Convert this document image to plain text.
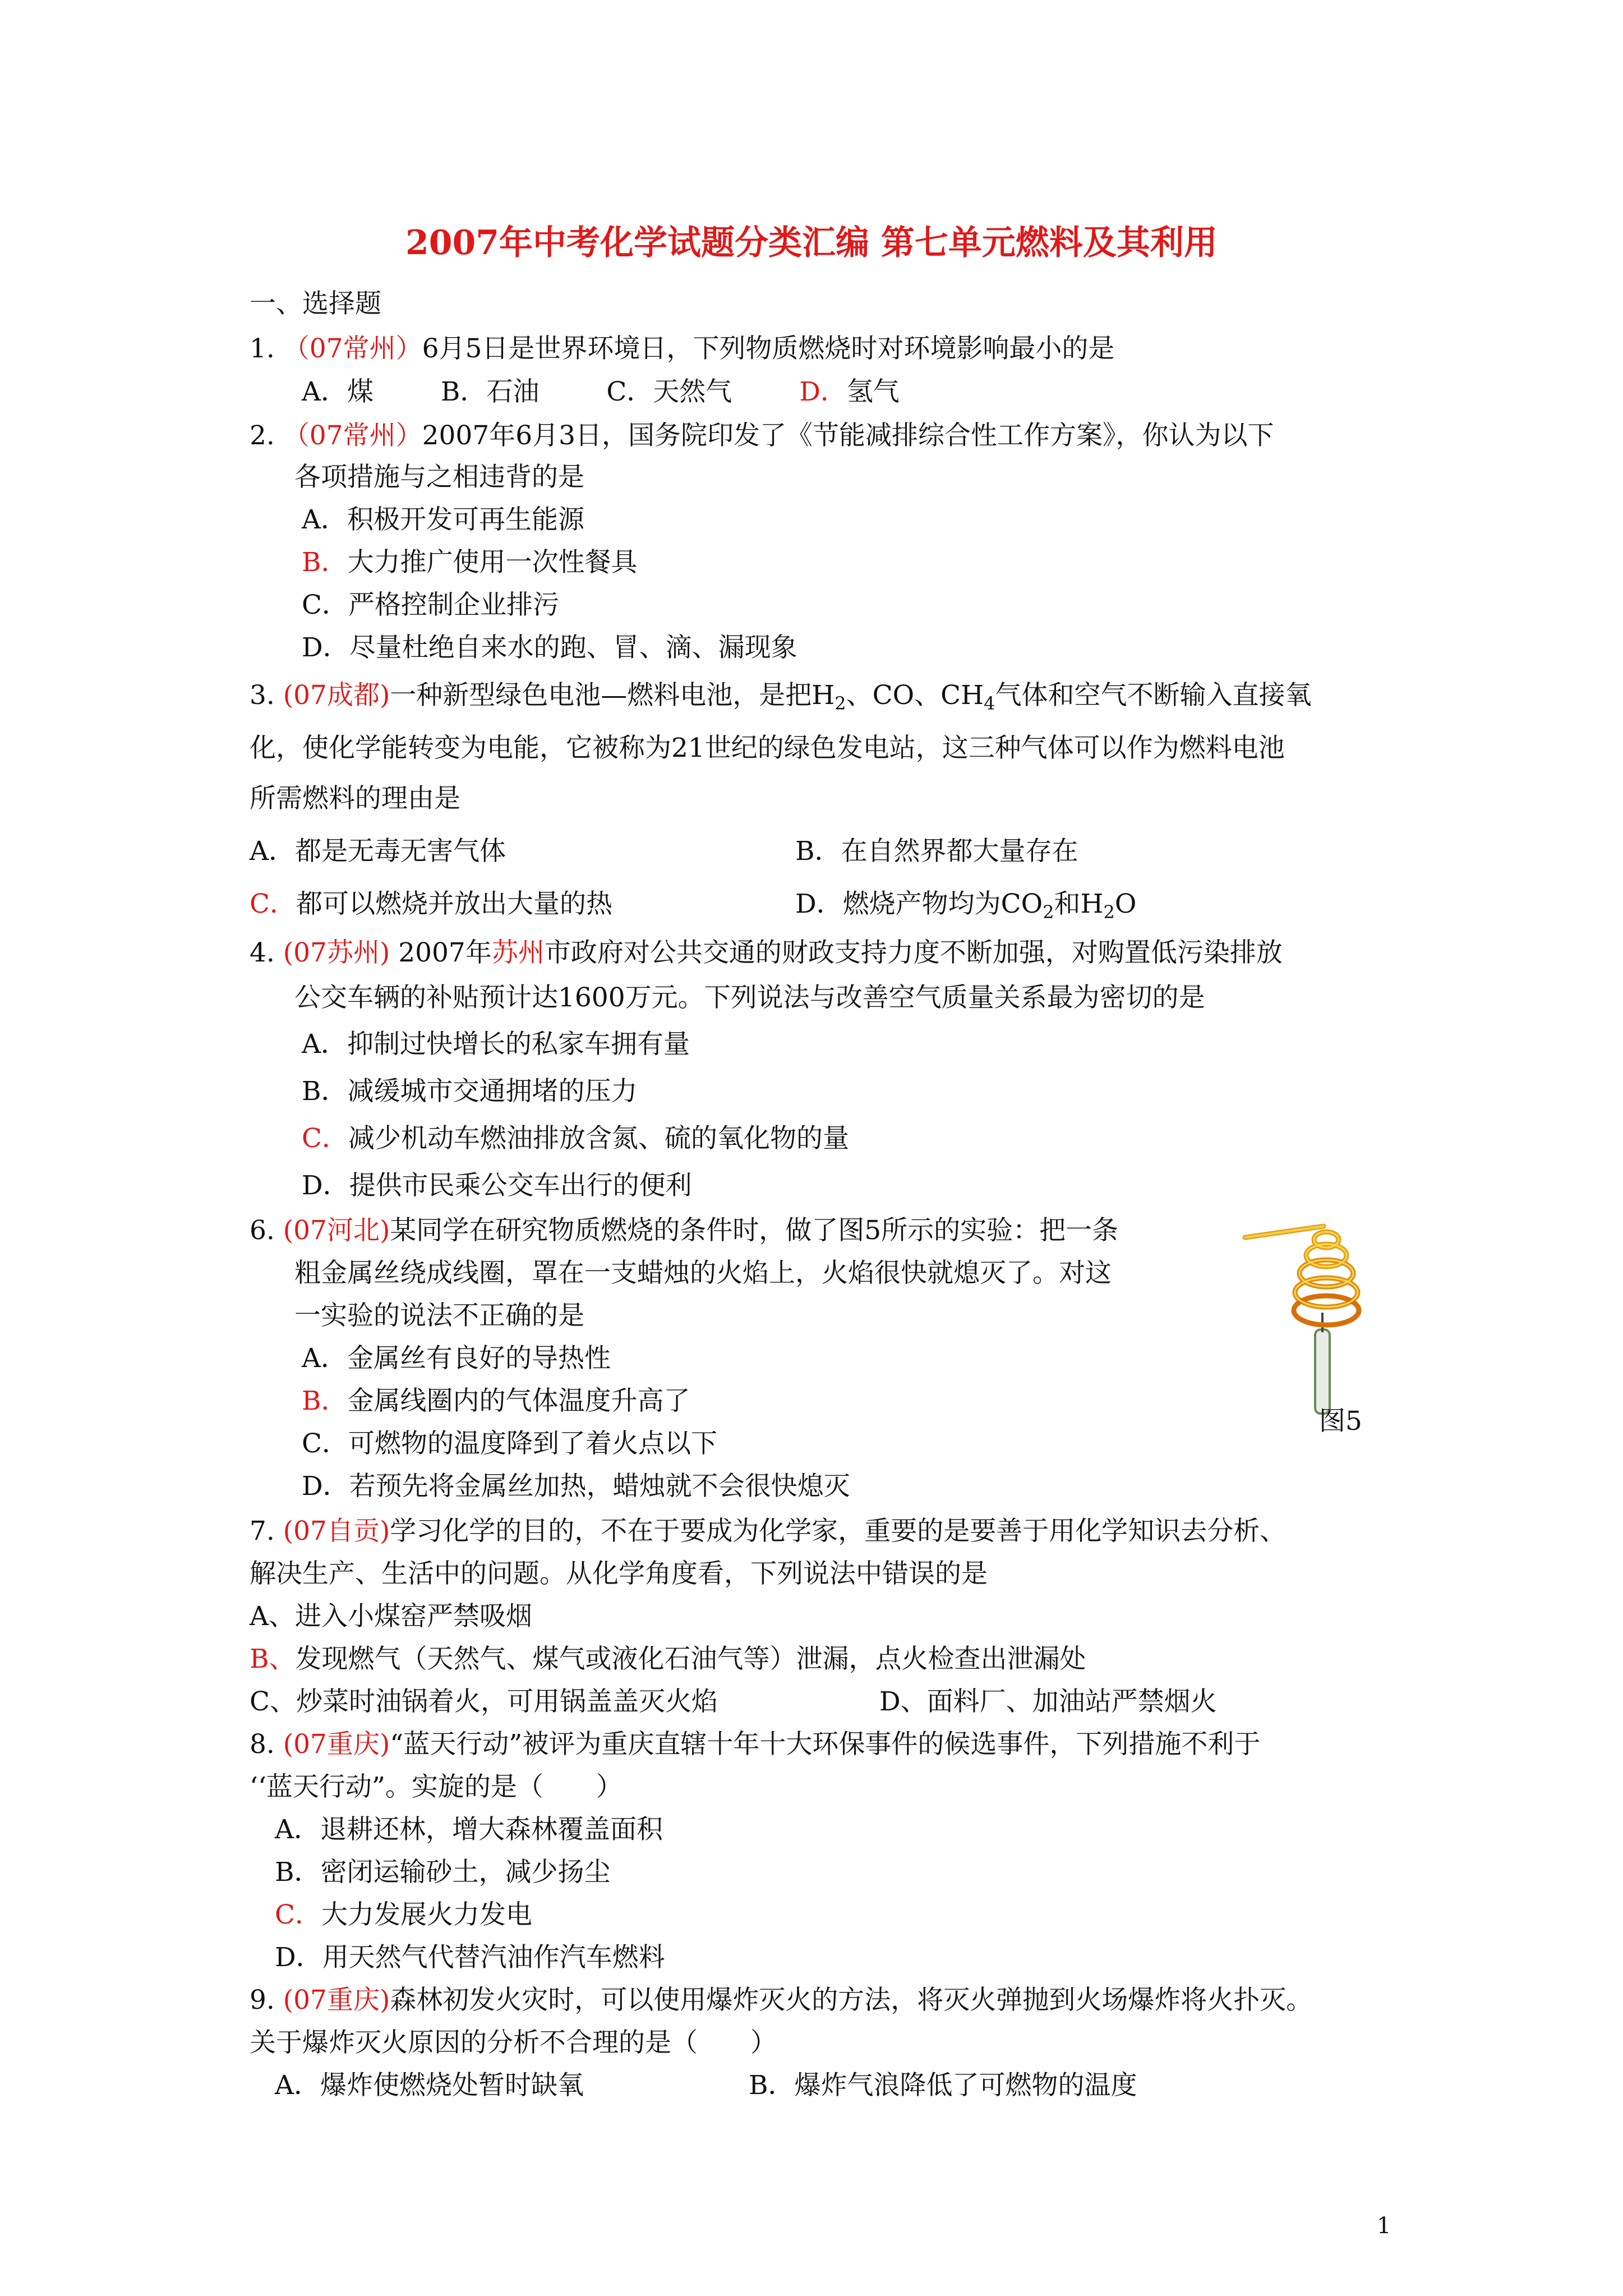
2007年中考化学试题分类汇编 第七单元燃料及其利用
一、选择题
1. （07常州）6月5日是世界环境日，下列物质燃烧时对环境影响最小的是
A．煤	B．石油	C．天然气	D．氢气
2. （07常州）2007年6月3日，国务院印发了《节能减排综合性工作方案》，你认为以下
各项措施与之相违背的是
A．积极开发可再生能源
B．大力推广使用一次性餐具
C．严格控制企业排污
D．尽量杜绝自来水的跑、冒、滴、漏现象
3. (07成都)一种新型绿色电池—燃料电池，是把$H_2$、CO、$CH_4$气体和空气不断输入直接氧
化，使化学能转变为电能，它被称为21世纪的绿色发电站，这三种气体可以作为燃料电池
所需燃料的理由是
A．都是无毒无害气体	B．在自然界都大量存在
C．都可以燃烧并放出大量的热	D．燃烧产物均为$CO_2$和$H_2O$
4. (07苏州) 2007年苏州市政府对公共交通的财政支持力度不断加强，对购置低污染排放
公交车辆的补贴预计达1600万元。下列说法与改善空气质量关系最为密切的是
A．抑制过快增长的私家车拥有量
B．减缓城市交通拥堵的压力
C．减少机动车燃油排放含氮、硫的氧化物的量
D．提供市民乘公交车出行的便利
6. (07河北)某同学在研究物质燃烧的条件时，做了图5所示的实验：把一条
粗金属丝绕成线圈，罩在一支蜡烛的火焰上，火焰很快就熄灭了。对这
一实验的说法不正确的是
A．金属丝有良好的导热性
B．金属线圈内的气体温度升高了
C．可燃物的温度降到了着火点以下
D．若预先将金属丝加热，蜡烛就不会很快熄灭
图5
7. (07自贡)学习化学的目的，不在于要成为化学家，重要的是要善于用化学知识去分析、
解决生产、生活中的问题。从化学角度看，下列说法中错误的是
A、进入小煤窑严禁吸烟
B、发现燃气（天然气、煤气或液化石油气等）泄漏，点火检查出泄漏处
C、炒菜时油锅着火，可用锅盖盖灭火焰	D、面料厂、加油站严禁烟火
8. (07重庆)“蓝天行动”被评为重庆直辖十年十大环保事件的候选事件，下列措施不利于
‘‘蓝天行动”。实旋的是（　　）
A．退耕还林，增大森林覆盖面积
B．密闭运输砂土，减少扬尘
C．大力发展火力发电
D．用天然气代替汽油作汽车燃料
9. (07重庆)森林初发火灾时，可以使用爆炸灭火的方法，将灭火弹抛到火场爆炸将火扑灭。
关于爆炸灭火原因的分析不合理的是（　　）
A．爆炸使燃烧处暂时缺氧	B．爆炸气浪降低了可燃物的温度
1
